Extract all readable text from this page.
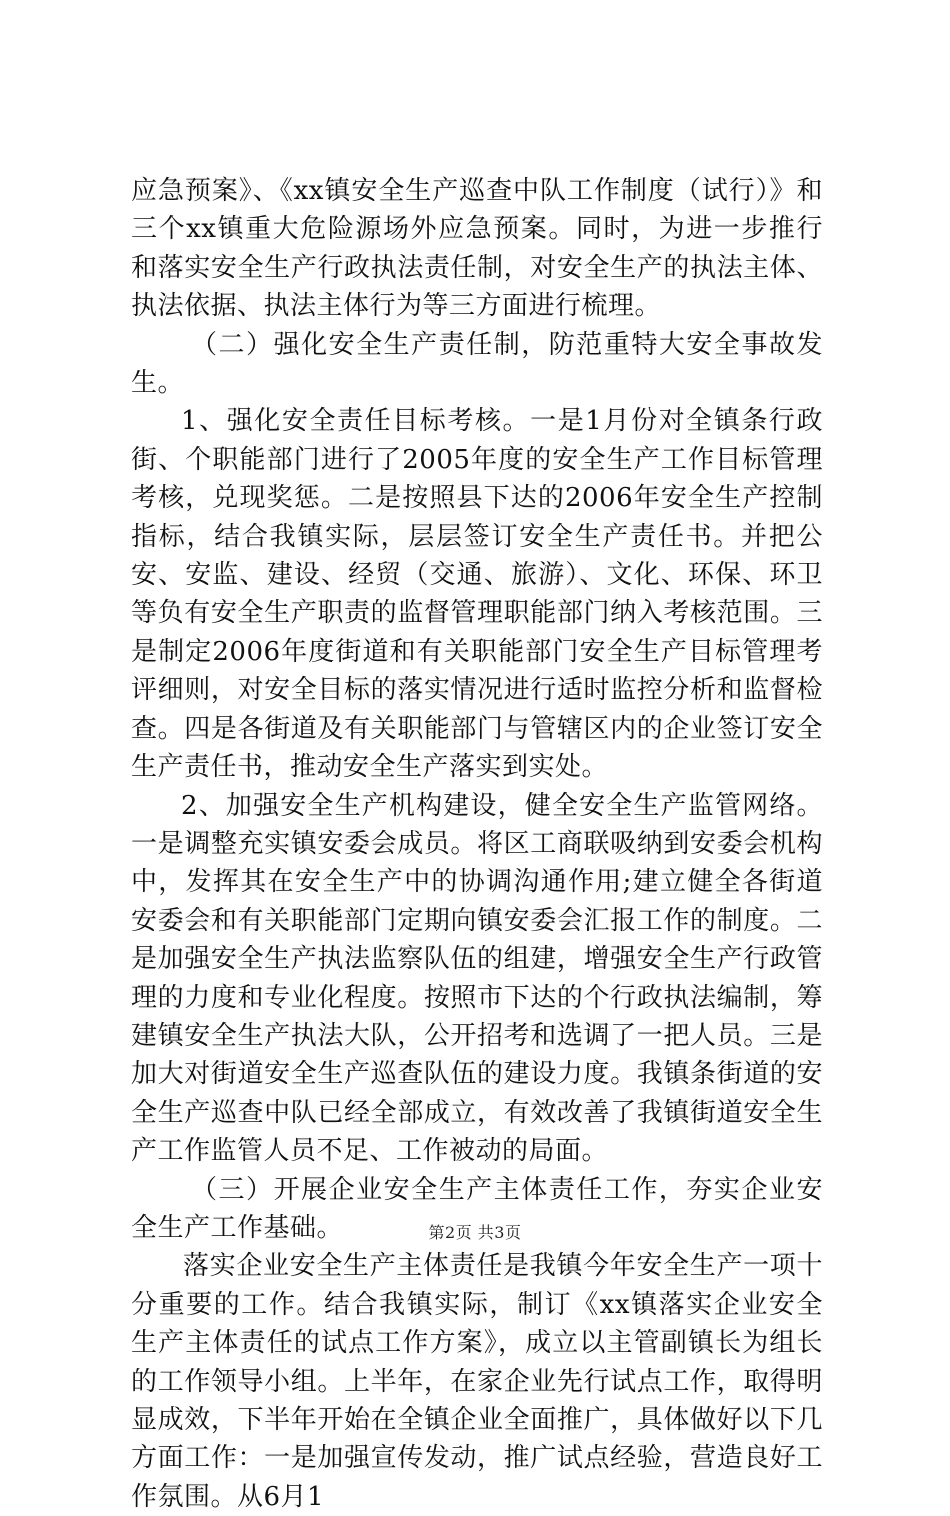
应急预案》、《xx镇安全生产巡查中队工作制度（试行）》和三个xx镇重大危险源场外应急预案。同时，为进一步推行和落实安全生产行政执法责任制，对安全生产的执法主体、执法依据、执法主体行为等三方面进行梳理。

（二）强化安全生产责任制，防范重特大安全事故发生。

1、强化安全责任目标考核。一是1月份对全镇条行政街、个职能部门进行了2005年度的安全生产工作目标管理考核，兑现奖惩。二是按照县下达的2006年安全生产控制指标，结合我镇实际，层层签订安全生产责任书。并把公安、安监、建设、经贸（交通、旅游）、文化、环保、环卫等负有安全生产职责的监督管理职能部门纳入考核范围。三是制定2006年度街道和有关职能部门安全生产目标管理考评细则，对安全目标的落实情况进行适时监控分析和监督检查。四是各街道及有关职能部门与管辖区内的企业签订安全生产责任书，推动安全生产落实到实处。

2、加强安全生产机构建设，健全安全生产监管网络。一是调整充实镇安委会成员。将区工商联吸纳到安委会机构中，发挥其在安全生产中的协调沟通作用;建立健全各街道安委会和有关职能部门定期向镇安委会汇报工作的制度。二是加强安全生产执法监察队伍的组建，增强安全生产行政管理的力度和专业化程度。按照市下达的个行政执法编制，筹建镇安全生产执法大队，公开招考和选调了一把人员。三是加大对街道安全生产巡查队伍的建设力度。我镇条街道的安全生产巡查中队已经全部成立，有效改善了我镇街道安全生产工作监管人员不足、工作被动的局面。

（三）开展企业安全生产主体责任工作，夯实企业安全生产工作基础。

落实企业安全生产主体责任是我镇今年安全生产一项十分重要的工作。结合我镇实际，制订《xx镇落实企业安全生产主体责任的试点工作方案》，成立以主管副镇长为组长的工作领导小组。上半年，在家企业先行试点工作，取得明显成效，下半年开始在全镇企业全面推广，具体做好以下几方面工作：一是加强宣传发动，推广试点经验，营造良好工作氛围。从6月1

第2页 共3页
